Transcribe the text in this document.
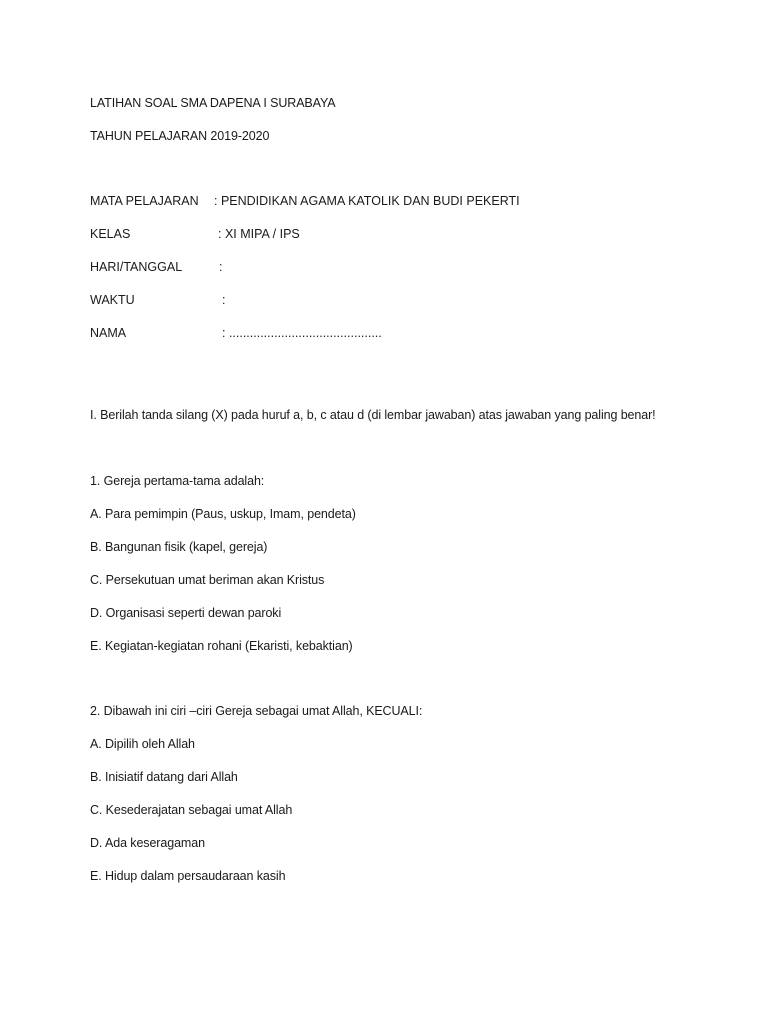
LATIHAN SOAL SMA DAPENA I SURABAYA
TAHUN PELAJARAN 2019-2020
MATA PELAJARAN : PENDIDIKAN AGAMA KATOLIK DAN BUDI PEKERTI
KELAS	: XI MIPA / IPS
HARI/TANGGAL	:
WAKTU	:
NAMA	: ............................................
I. Berilah tanda silang (X) pada huruf a, b, c atau d (di lembar jawaban) atas jawaban yang paling benar!
1. Gereja pertama-tama adalah:
A. Para pemimpin (Paus, uskup, Imam, pendeta)
B. Bangunan fisik (kapel, gereja)
C. Persekutuan umat beriman akan Kristus
D. Organisasi seperti dewan paroki
E. Kegiatan-kegiatan rohani (Ekaristi, kebaktian)
2. Dibawah ini ciri –ciri Gereja sebagai umat Allah, KECUALI:
A. Dipilih oleh Allah
B. Inisiatif datang dari Allah
C. Kesederajatan sebagai umat Allah
D. Ada keseragaman
E. Hidup dalam persaudaraan kasih
